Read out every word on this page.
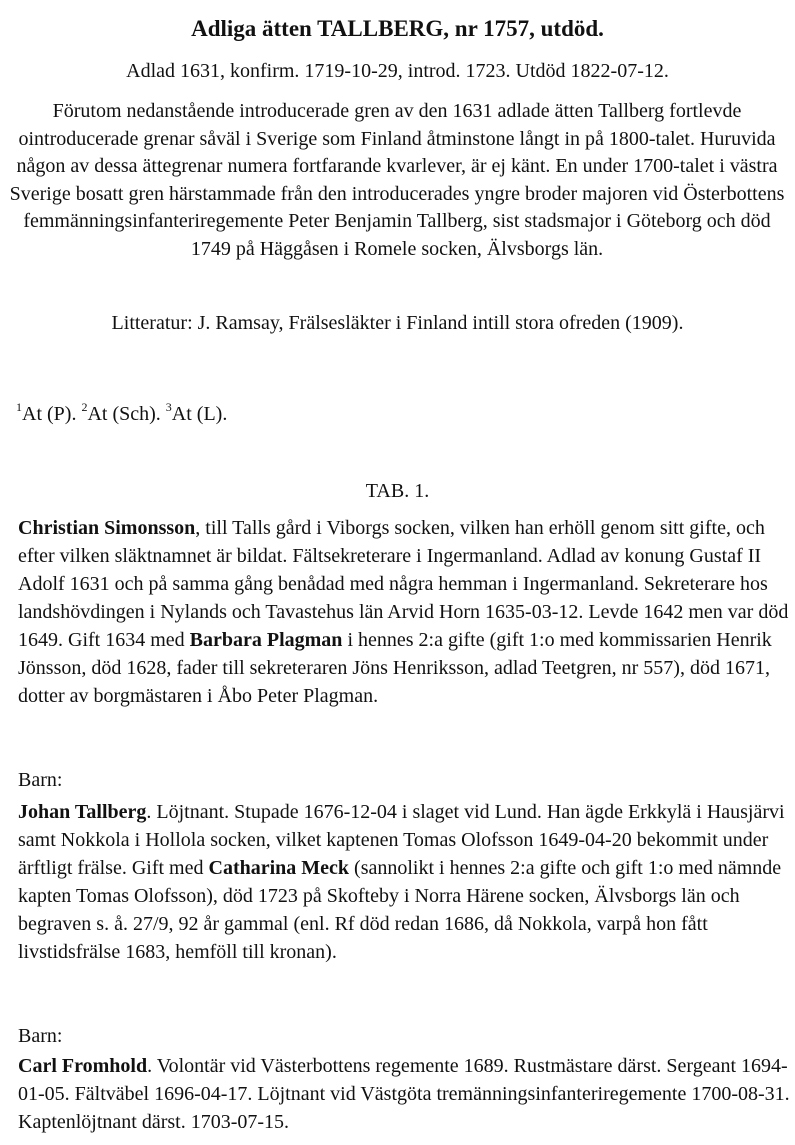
Adliga ätten TALLBERG, nr 1757, utdöd.
Adlad 1631, konfirm. 1719-10-29, introd. 1723. Utdöd 1822-07-12.
Förutom nedanstående introducerade gren av den 1631 adlade ätten Tallberg fortlevde ointroducerade grenar såväl i Sverige som Finland åtminstone långt in på 1800-talet. Huruvida någon av dessa ättegrenar numera fortfarande kvarlever, är ej känt. En under 1700-talet i västra Sverige bosatt gren härstammade från den introducerades yngre broder majoren vid Österbottens femmänningsinfanteriregemente Peter Benjamin Tallberg, sist stadsmajor i Göteborg och död 1749 på Häggåsen i Romele socken, Älvsborgs län.
Litteratur: J. Ramsay, Frälsesläkter i Finland intill stora ofreden (1909).
$^1$At (P). $^2$At (Sch). $^3$At (L).
TAB. 1.
Christian Simonsson, till Talls gård i Viborgs socken, vilken han erhöll genom sitt gifte, och efter vilken släktnamnet är bildat. Fältsekreterare i Ingermanland. Adlad av konung Gustaf II Adolf 1631 och på samma gång benådad med några hemman i Ingermanland. Sekreterare hos landshövdingen i Nylands och Tavastehus län Arvid Horn 1635-03-12. Levde 1642 men var död 1649. Gift 1634 med Barbara Plagman i hennes 2:a gifte (gift 1:o med kommissarien Henrik Jönsson, död 1628, fader till sekreteraren Jöns Henriksson, adlad Teetgren, nr 557), död 1671, dotter av borgmästaren i Åbo Peter Plagman.
Barn:
Johan Tallberg. Löjtnant. Stupade 1676-12-04 i slaget vid Lund. Han ägde Erkkylä i Hausjärvi samt Nokkola i Hollola socken, vilket kaptenen Tomas Olofsson 1649-04-20 bekommit under ärftligt frälse. Gift med Catharina Meck (sannolikt i hennes 2:a gifte och gift 1:o med nämnde kapten Tomas Olofsson), död 1723 på Skofteby i Norra Härene socken, Älvsborgs län och begraven s. å. 27/9, 92 år gammal (enl. Rf död redan 1686, då Nokkola, varpå hon fått livstidsfrälse 1683, hemföll till kronan).
Barn:
Carl Fromhold. Volontär vid Västerbottens regemente 1689. Rustmästare därst. Sergeant 1694-01-05. Fältväbel 1696-04-17. Löjtnant vid Västgöta tremänningsinfanteriregemente 1700-08-31. Kaptenlöjtnant därst. 1703-07-15.
